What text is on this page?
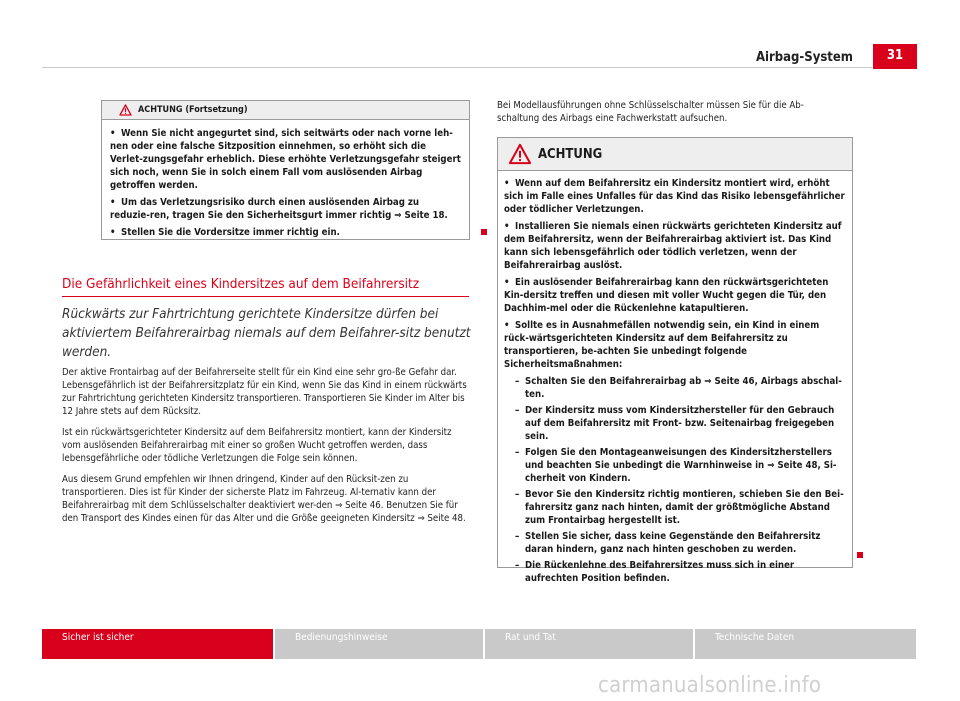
Airbag-System	31
ACHTUNG (Fortsetzung)

• Wenn Sie nicht angegurtet sind, sich seitwärts oder nach vorne leh-nen oder eine falsche Sitzposition einnehmen, so erhöht sich die Verlet-zungsgefahr erheblich. Diese erhöhte Verletzungsgefahr steigert sich noch, wenn Sie in solch einem Fall vom auslösenden Airbag getroffen werden.

• Um das Verletzungsrisiko durch einen auslösenden Airbag zu reduzie-ren, tragen Sie den Sicherheitsgurt immer richtig ⇒ Seite 18.

• Stellen Sie die Vordersitze immer richtig ein.

Die Gefährlichkeit eines Kindersitzes auf dem Beifahrersitz

Rückwärts zur Fahrtrichtung gerichtete Kindersitze dürfen bei aktiviertem Beifahrerairbag niemals auf dem Beifahrer-sitz benutzt werden.

Der aktive Frontairbag auf der Beifahrerseite stellt für ein Kind eine sehr gro-ße Gefahr dar. Lebensgefährlich ist der Beifahrersitzplatz für ein Kind, wenn Sie das Kind in einem rückwärts zur Fahrtrichtung gerichteten Kindersitz transportieren. Transportieren Sie Kinder im Alter bis 12 Jahre stets auf dem Rücksitz.

Ist ein rückwärtsgerichteter Kindersitz auf dem Beifahrersitz montiert, kann der Kindersitz vom auslösenden Beifahrerairbag mit einer so großen Wucht getroffen werden, dass lebensgefährliche oder tödliche Verletzungen die Folge sein können.

Aus diesem Grund empfehlen wir Ihnen dringend, Kinder auf den Rücksit-zen zu transportieren. Dies ist für Kinder der sicherste Platz im Fahrzeug. Al-ternativ kann der Beifahrerairbag mit dem Schlüsselschalter deaktiviert wer-den ⇒ Seite 46. Benutzen Sie für den Transport des Kindes einen für das Alter und die Größe geeigneten Kindersitz ⇒ Seite 48.

Bei Modellausführungen ohne Schlüsselschalter müssen Sie für die Ab-schaltung des Airbags eine Fachwerkstatt aufsuchen.

ACHTUNG

• Wenn auf dem Beifahrersitz ein Kindersitz montiert wird, erhöht sich im Falle eines Unfalles für das Kind das Risiko lebensgefährlicher oder tödlicher Verletzungen.

• Installieren Sie niemals einen rückwärts gerichteten Kindersitz auf dem Beifahrersitz, wenn der Beifahrerairbag aktiviert ist. Das Kind kann sich lebensgefährlich oder tödlich verletzen, wenn der Beifahrerairbag auslöst.

• Ein auslösender Beifahrerairbag kann den rückwärtsgerichteten Kin-dersitz treffen und diesen mit voller Wucht gegen die Tür, den Dachhim-mel oder die Rückenlehne katapultieren.

• Sollte es in Ausnahmefällen notwendig sein, ein Kind in einem rück-wärtsgerichteten Kindersitz auf dem Beifahrersitz zu transportieren, be-achten Sie unbedingt folgende Sicherheitsmaßnahmen:

– Schalten Sie den Beifahrerairbag ab ⇒ Seite 46, Airbags abschal-ten.

– Der Kindersitz muss vom Kindersitzhersteller für den Gebrauch auf dem Beifahrersitz mit Front- bzw. Seitenairbag freigegeben sein.

– Folgen Sie den Montageanweisungen des Kindersitzherstellers und beachten Sie unbedingt die Warnhinweise in ⇒ Seite 48, Si-cherheit von Kindern.

– Bevor Sie den Kindersitz richtig montieren, schieben Sie den Bei-fahrersitz ganz nach hinten, damit der größtmögliche Abstand zum Frontairbag hergestellt ist.

– Stellen Sie sicher, dass keine Gegenstände den Beifahrersitz daran hindern, ganz nach hinten geschoben zu werden.

– Die Rückenlehne des Beifahrersitzes muss sich in einer aufrechten Position befinden.

Sicher ist sicher	Bedienungshinweise	Rat und Tat	Technische Daten
carmanualsonline.info
